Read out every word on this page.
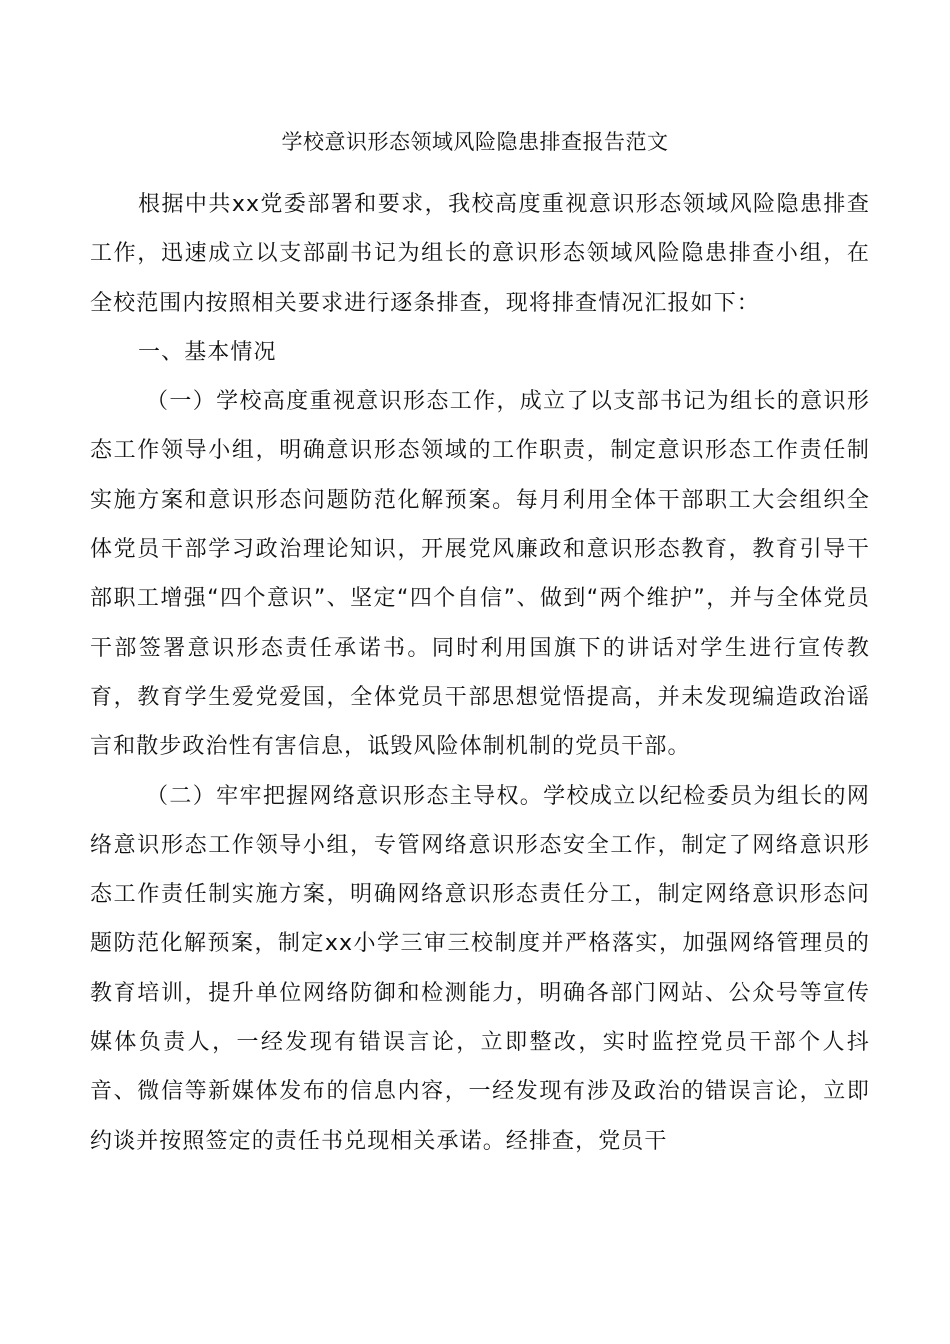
学校意识形态领域风险隐患排查报告范文

根据中共xx党委部署和要求，我校高度重视意识形态领域风险隐患排查工作，迅速成立以支部副书记为组长的意识形态领域风险隐患排查小组，在全校范围内按照相关要求进行逐条排查，现将排查情况汇报如下：

一、基本情况

（一）学校高度重视意识形态工作，成立了以支部书记为组长的意识形态工作领导小组，明确意识形态领域的工作职责，制定意识形态工作责任制实施方案和意识形态问题防范化解预案。每月利用全体干部职工大会组织全体党员干部学习政治理论知识，开展党风廉政和意识形态教育，教育引导干部职工增强“四个意识”、坚定“四个自信”、做到“两个维护”，并与全体党员干部签署意识形态责任承诺书。同时利用国旗下的讲话对学生进行宣传教育，教育学生爱党爱国，全体党员干部思想觉悟提高，并未发现编造政治谣言和散步政治性有害信息，诋毁风险体制机制的党员干部。

（二）牢牢把握网络意识形态主导权。学校成立以纪检委员为组长的网络意识形态工作领导小组，专管网络意识形态安全工作，制定了网络意识形态工作责任制实施方案，明确网络意识形态责任分工，制定网络意识形态问题防范化解预案，制定xx小学三审三校制度并严格落实，加强网络管理员的教育培训，提升单位网络防御和检测能力，明确各部门网站、公众号等宣传媒体负责人，一经发现有错误言论，立即整改，实时监控党员干部个人抖音、微信等新媒体发布的信息内容，一经发现有涉及政治的错误言论，立即约谈并按照签定的责任书兑现相关承诺。经排查，党员干
